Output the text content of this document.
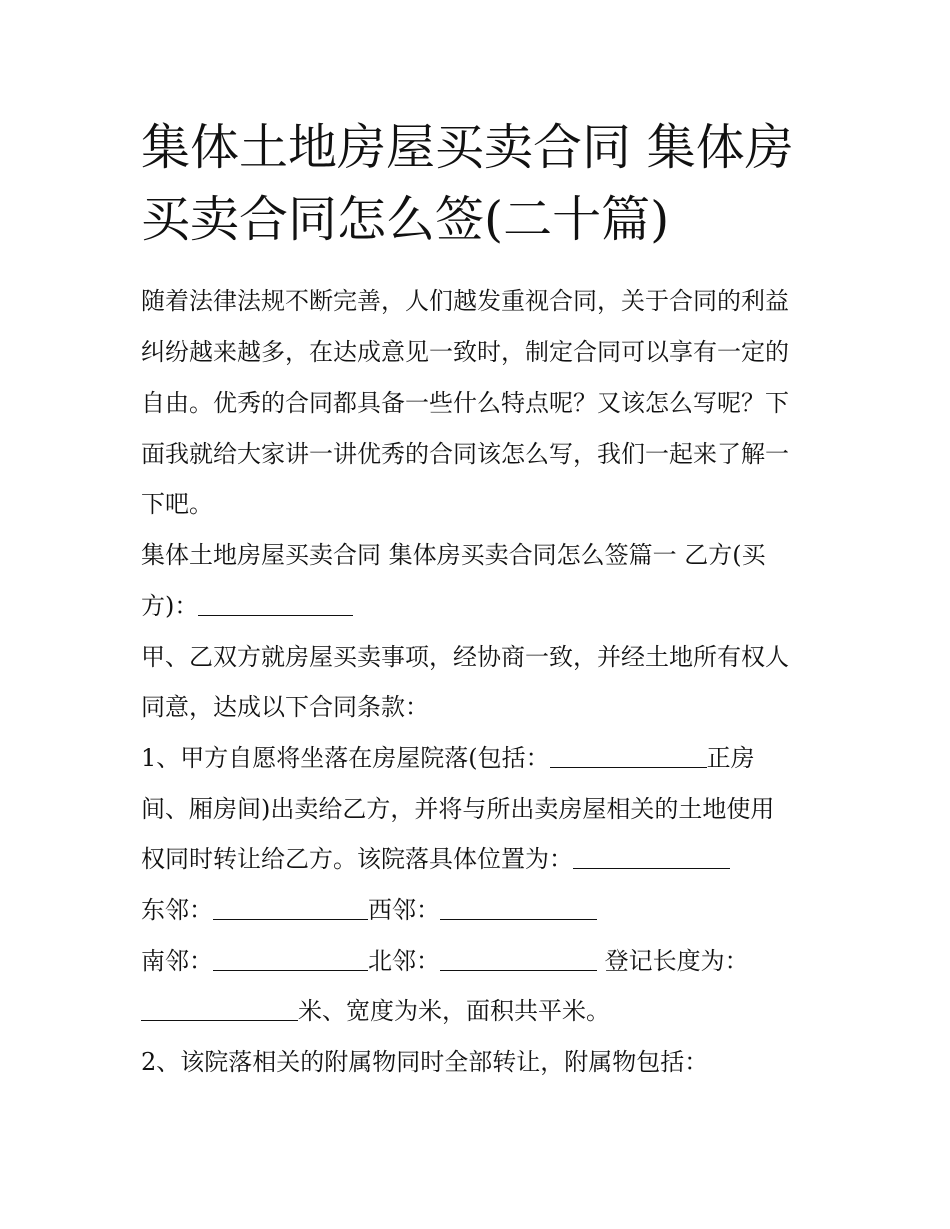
集体土地房屋买卖合同 集体房
买卖合同怎么签(二十篇)
随着法律法规不断完善，人们越发重视合同，关于合同的利益
纠纷越来越多，在达成意见一致时，制定合同可以享有一定的
自由。优秀的合同都具备一些什么特点呢？又该怎么写呢？下
面我就给大家讲一讲优秀的合同该怎么写，我们一起来了解一
下吧。
集体土地房屋买卖合同 集体房买卖合同怎么签篇一 乙方(买
方)：
甲、乙双方就房屋买卖事项，经协商一致，并经土地所有权人
同意，达成以下合同条款：
1、甲方自愿将坐落在房屋院落(包括：	正房
间、厢房间)出卖给乙方，并将与所出卖房屋相关的土地使用
权同时转让给乙方。该院落具体位置为：
东邻：	西邻：
南邻：	北邻：	登记长度为：
米、宽度为米，面积共平米。
2、该院落相关的附属物同时全部转让，附属物包括：
